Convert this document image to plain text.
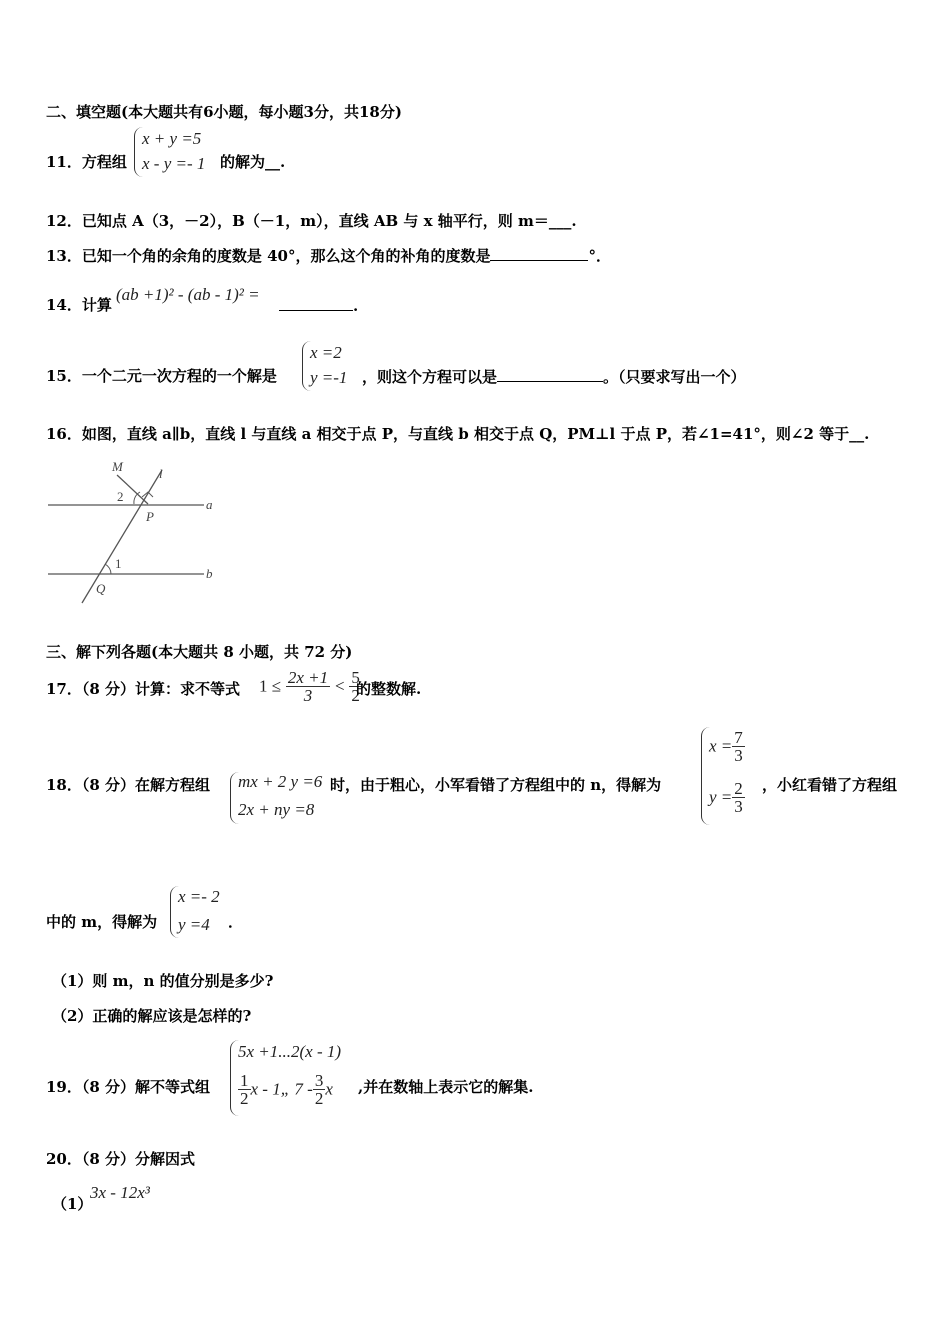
二、填空题(本大题共有6小题，每小题3分，共18分)
11．方程组
x + y =5
x - y =- 1 的解为__.
12．已知点 A（3，－2），B（－1，m），直线 AB 与 x 轴平行，则 m＝___.
13．已知一个角的余角的度数是 40°，那么这个角的补角的度数是	°．
14．计算
(ab +1)² - (ab - 1)² =
.
15．一个二元一次方程的一个解是
x =2
y =-1 ，则这个方程可以是	。（只要求写出一个）
16．如图，直线 a∥b，直线 l 与直线 a 相交于点 P，与直线 b 相交于点 Q，PM⊥l 于点 P，若∠1=41°，则∠2 等于__.
M	l
2
P
a
1
Q
b
三、解下列各题(本大题共 8 小题，共 72 分)
17．（8 分）计算：求不等式 $1 \le \frac{2x +1}{3} < \frac{5}{2}$
的整数解.
18．（8 分）在解方程组 mx + 2 y =6
2x + ny =8
时，由于粗心，小军看错了方程组中的 n，得解为
$x = \frac{7}{3}$
$y = \frac{2}{3}$ ，小红看错了方程组
中的 m，得解为
x =- 2
y =4 ．
（1）则 m，n 的值分别是多少?
（2）正确的解应该是怎样的?
19．（8 分）解不等式组
5x +1...2(x - 1)
$\frac{1}{2}$ x - 1„ $7 - \frac{3}{2}$ x ,并在数轴上表示它的解集.
20．（8 分）分解因式
（1）
3x - 12x³
